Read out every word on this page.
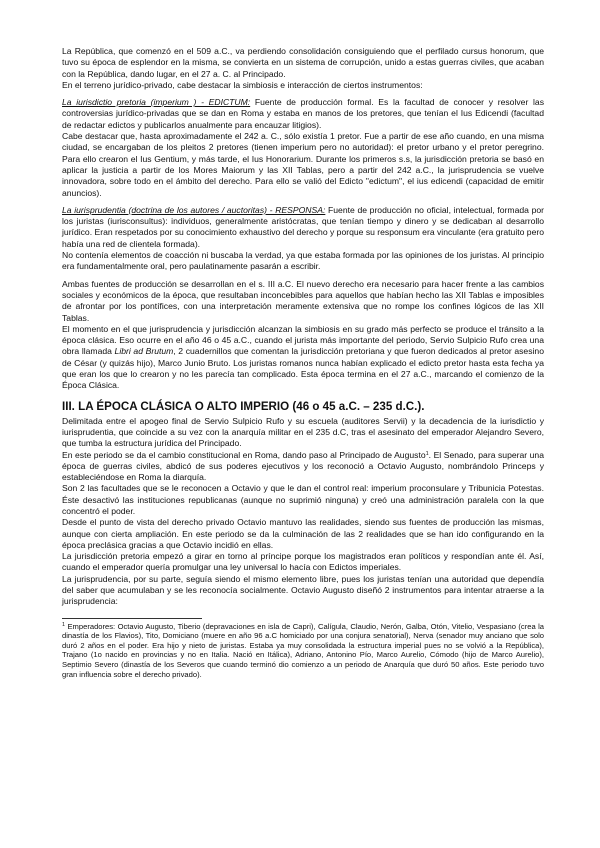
La República, que comenzó en el 509 a.C., va perdiendo consolidación consiguiendo que el perfilado cursus honorum, que tuvo su época de esplendor en la misma, se convierta en un sistema de corrupción, unido a estas guerras civiles, que acaban con la República, dando lugar, en el 27 a. C. al Principado.

En el terreno jurídico-privado, cabe destacar la simbiosis e interacción de ciertos instrumentos:

La iurisdictio pretoria (imperium ) - EDICTUM: Fuente de producción formal. Es la facultad de conocer y resolver las controversias jurídico-privadas que se dan en Roma y estaba en manos de los pretores, que tenían el Ius Edicendi (facultad de redactar edictos y publicarlos anualmente para encauzar litigios).

Cabe destacar que, hasta aproximadamente el 242 a. C., sólo existía 1 pretor. Fue a partir de ese año cuando, en una misma ciudad, se encargaban de los pleitos 2 pretores (tienen imperium pero no autoridad): el pretor urbano y el pretor peregrino. Para ello crearon el Ius Gentium, y más tarde, el Ius Honorarium. Durante los primeros s.s, la jurisdicción pretoria se basó en aplicar la justicia a partir de los Mores Maiorum y las XII Tablas, pero a partir del 242 a.C., la jurisprudencia se vuelve innovadora, sobre todo en el ámbito del derecho. Para ello se valió del Edicto "edictum", el ius edicendi (capacidad de emitir anuncios).

La iurisprudentia (doctrina de los autores / auctoritas) - RESPONSA: Fuente de producción no oficial, intelectual, formada por los juristas (iurisconsultus): individuos, generalmente aristócratas, que tenían tiempo y dinero y se dedicaban al desarrollo jurídico. Eran respetados por su conocimiento exhaustivo del derecho y porque su responsum era vinculante (era gratuito pero había una red de clientela formada).

No contenía elementos de coacción ni buscaba la verdad, ya que estaba formada por las opiniones de los juristas. Al principio era fundamentalmente oral, pero paulatinamente pasarán a escribir.

Ambas fuentes de producción se desarrollan en el s. III a.C. El nuevo derecho era necesario para hacer frente a las cambios sociales y económicos de la época, que resultaban inconcebibles para aquellos que habían hecho las XII Tablas e imposibles de afrontar por los pontífices, con una interpretación meramente extensiva que no rompe los confines lógicos de las XII Tablas.

El momento en el que jurisprudencia y jurisdicción alcanzan la simbiosis en su grado más perfecto se produce el tránsito a la época clásica. Eso ocurre en el año 46 o 45 a.C., cuando el jurista más importante del periodo, Servio Sulpicio Rufo crea una obra llamada Libri ad Brutum, 2 cuadernillos que comentan la jurisdicción pretoriana y que fueron dedicados al pretor asesino de César (y quizás hijo), Marco Junio Bruto. Los juristas romanos nunca habían explicado el edicto pretor hasta esta fecha ya que eran los que lo crearon y no les parecía tan complicado. Esta época termina en el 27 a.C., marcando el comienzo de la Época Clásica.

III. LA ÉPOCA CLÁSICA O ALTO IMPERIO (46 o 45 a.C. – 235 d.C.).

Delimitada entre el apogeo final de Servio Sulpicio Rufo y su escuela (auditores Servii) y la decadencia de la iurisdictio y iurisprudentia, que coincide a su vez con la anarquía militar en el 235 d.C, tras el asesinato del emperador Alejandro Severo, que tumba la estructura jurídica del Principado.

En este periodo se da el cambio constitucional en Roma, dando paso al Principado de Augusto$^1$. El Senado, para superar una época de guerras civiles, abdicó de sus poderes ejecutivos y los reconoció a Octavio Augusto, nombrándolo Princeps y estableciéndose en Roma la diarquía.

Son 2 las facultades que se le reconocen a Octavio y que le dan el control real: imperium proconsulare y Tribunicia Potestas. Éste desactivó las instituciones republicanas (aunque no suprimió ninguna) y creó una administración paralela con la que concentró el poder.

Desde el punto de vista del derecho privado Octavio mantuvo las realidades, siendo sus fuentes de producción las mismas, aunque con cierta ampliación. En este periodo se da la culminación de las 2 realidades que se han ido configurando en la época preclásica gracias a que Octavio incidió en ellas.

La jurisdicción pretoria empezó a girar en torno al príncipe porque los magistrados eran políticos y respondían ante él. Así, cuando el emperador quería promulgar una ley universal lo hacía con Edictos imperiales.

La jurisprudencia, por su parte, seguía siendo el mismo elemento libre, pues los juristas tenían una autoridad que dependía del saber que acumulaban y se les reconocía socialmente. Octavio Augusto diseñó 2 instrumentos para intentar atraerse a la jurisprudencia:

$^1$ Emperadores: Octavio Augusto, Tiberio (depravaciones en isla de Capri), Calígula, Claudio, Nerón, Galba, Otón, Vitelio, Vespasiano (crea la dinastía de los Flavios), Tito, Domiciano (muere en año 96 a.C homiciado por una conjura senatorial), Nerva (senador muy anciano que solo duró 2 años en el poder. Era hijo y nieto de juristas. Estaba ya muy consolidada la estructura imperial pues no se volvió a la República), Trajano (1o nacido en provincias y no en Italia. Nació en Itálica), Adriano, Antonino Pío, Marco Aurelio, Cómodo (hijo de Marco Aurelio), Septimio Severo (dinastía de los Severos que cuando terminó dio comienzo a un periodo de Anarquía que duró 50 años. Este periodo tuvo gran influencia sobre el derecho privado).
